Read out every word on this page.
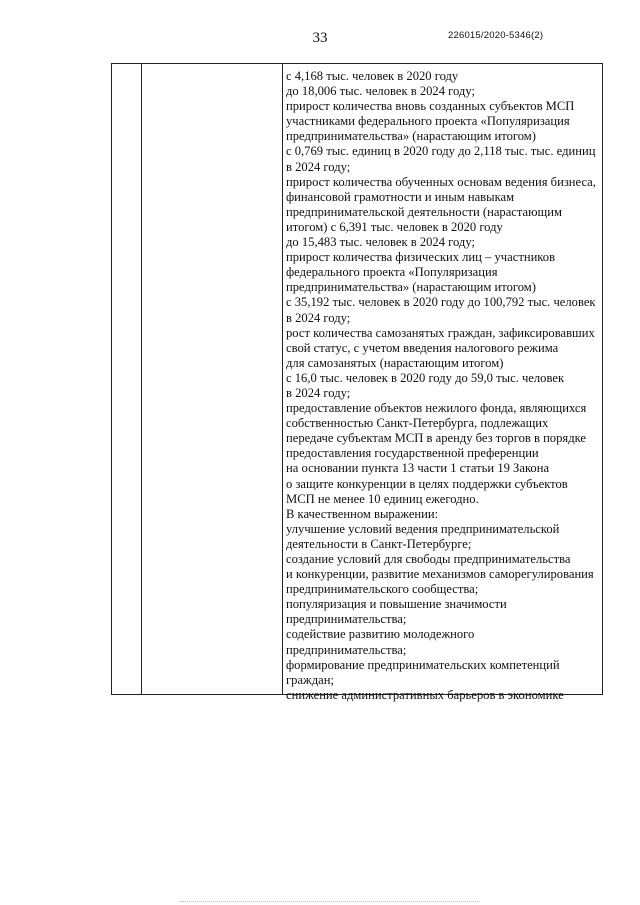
33	226015/2020-5346(2)
с 4,168 тыс. человек в 2020 году
до 18,006 тыс. человек в 2024 году;
прирост количества вновь созданных субъектов МСП
участниками федерального проекта «Популяризация
предпринимательства» (нарастающим итогом)
с 0,769 тыс. единиц в 2020 году до 2,118 тыс. тыс. единиц
в 2024 году;
прирост количества обученных основам ведения бизнеса,
финансовой грамотности и иным навыкам
предпринимательской деятельности (нарастающим
итогом) с 6,391 тыс. человек в 2020 году
до 15,483 тыс. человек в 2024 году;
прирост количества физических лиц – участников
федерального проекта «Популяризация
предпринимательства» (нарастающим итогом)
с 35,192 тыс. человек в 2020 году до 100,792 тыс. человек
в 2024 году;
рост количества самозанятых граждан, зафиксировавших
свой статус, с учетом введения налогового режима
для самозанятых (нарастающим итогом)
с 16,0 тыс. человек в 2020 году до 59,0 тыс. человек
в 2024 году;
предоставление объектов нежилого фонда, являющихся
собственностью Санкт-Петербурга, подлежащих
передаче субъектам МСП в аренду без торгов в порядке
предоставления государственной преференции
на основании пункта 13 части 1 статьи 19 Закона
о защите конкуренции в целях поддержки субъектов
МСП не менее 10 единиц ежегодно.
В качественном выражении:
улучшение условий ведения предпринимательской
деятельности в Санкт-Петербурге;
создание условий для свободы предпринимательства
и конкуренции, развитие механизмов саморегулирования
предпринимательского сообщества;
популяризация и повышение значимости
предпринимательства;
содействие развитию молодежного
предпринимательства;
формирование предпринимательских компетенций
граждан;
снижение административных барьеров в экономике
